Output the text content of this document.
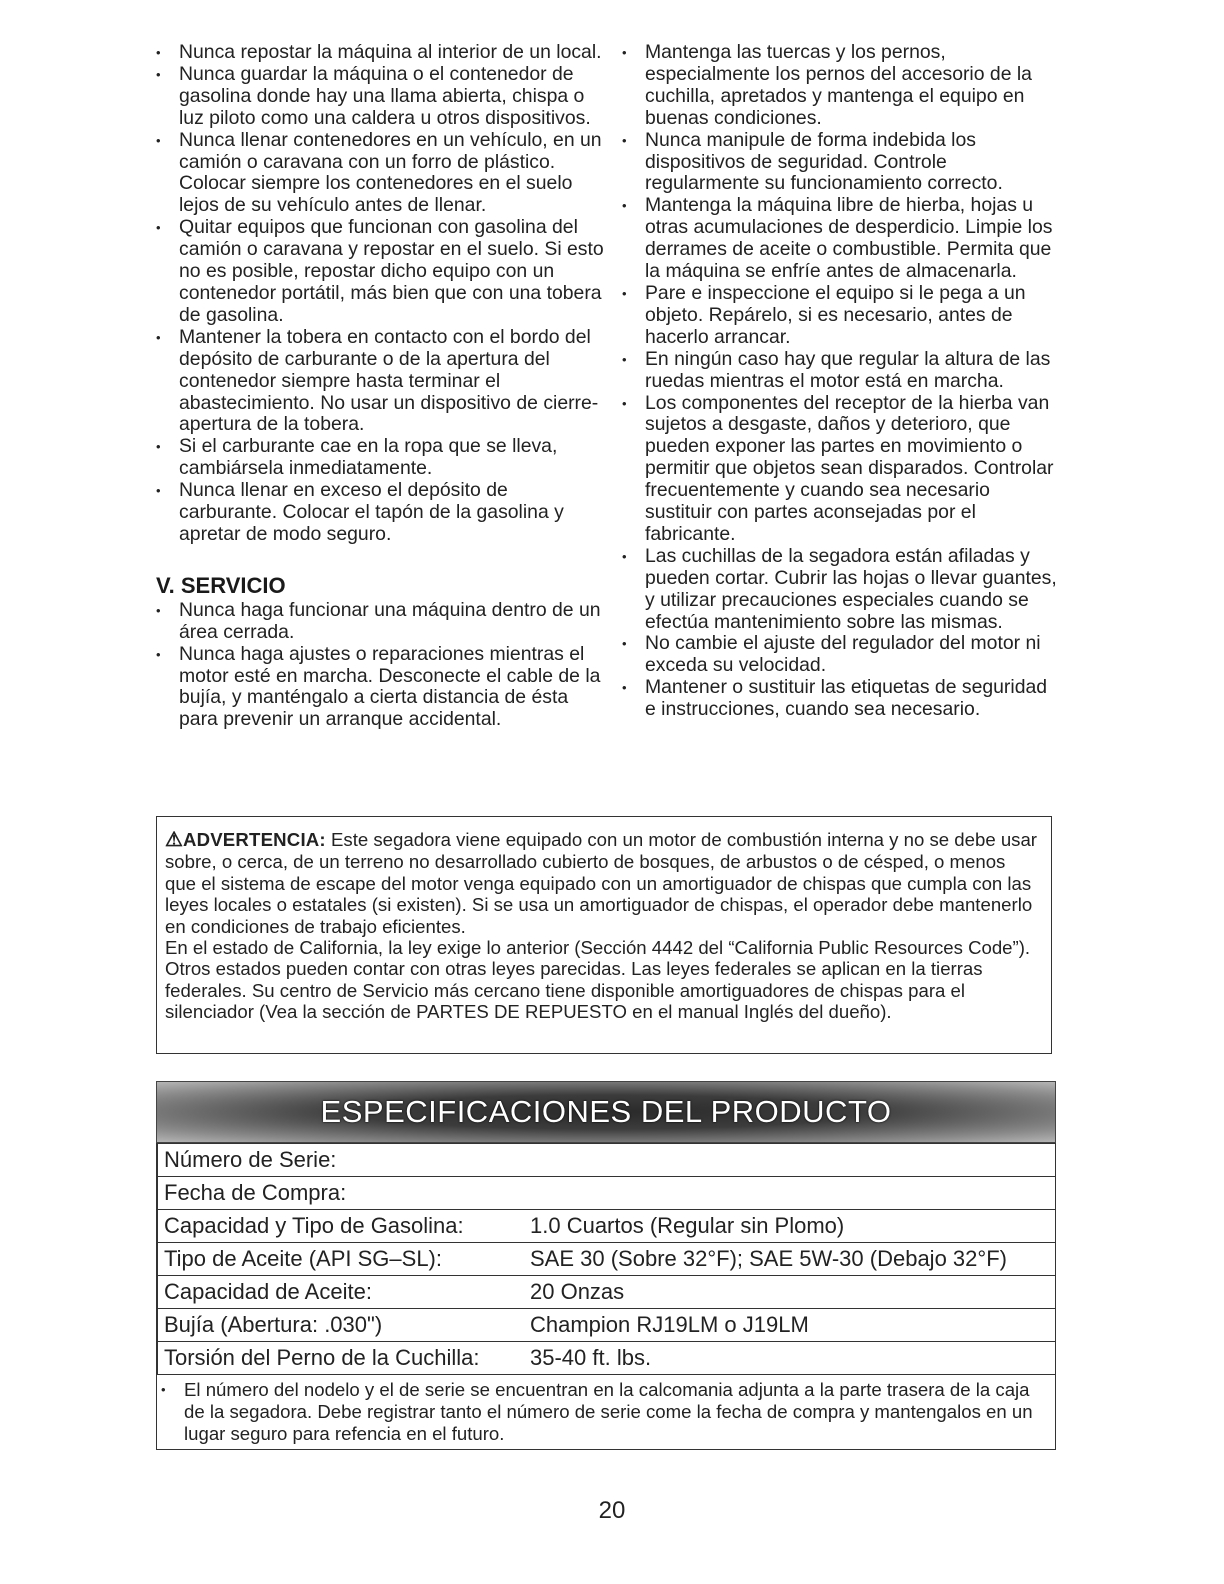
• Nunca repostar la máquina al interior de un local.
• Nunca guardar la máquina o el contenedor de gasolina donde hay una llama abierta, chispa o luz piloto como una caldera u otros dispositivos.
• Nunca llenar contenedores en un vehículo, en un camión o caravana con un forro de plástico. Colocar siempre los contenedores en el suelo lejos de su vehículo antes de llenar.
• Quitar equipos que funcionan con gasolina del camión o caravana y repostar en el suelo. Si esto no es posible, repostar dicho equipo con un contenedor portátil, más bien que con una tobera de gasolina.
• Mantener la tobera en contacto con el bordo del depósito de carburante o de la apertura del contenedor siempre hasta terminar el abastecimiento. No usar un dispositivo de cierre-apertura de la tobera.
• Si el carburante cae en la ropa que se lleva, cambiársela inmediatamente.
• Nunca llenar en exceso el depósito de carburante. Colocar el tapón de la gasolina y apretar de modo seguro.
V. SERVICIO
• Nunca haga funcionar una máquina dentro de un área cerrada.
• Nunca haga ajustes o reparaciones mientras el motor esté en marcha. Desconecte el cable de la bujía, y manténgalo a cierta distancia de ésta para prevenir un arranque accidental.
• Mantenga las tuercas y los pernos, especialmente los pernos del accesorio de la cuchilla, apretados y mantenga el equipo en buenas condiciones.
• Nunca manipule de forma indebida los dispositivos de seguridad. Controle regularmente su funcionamiento correcto.
• Mantenga la máquina libre de hierba, hojas u otras acumulaciones de desperdicio. Limpie los derrames de aceite o combustible. Permita que la máquina se enfríe antes de almacenarla.
• Pare e inspeccione el equipo si le pega a un objeto. Repárelo, si es necesario, antes de hacerlo arrancar.
• En ningún caso hay que regular la altura de las ruedas mientras el motor está en marcha.
• Los componentes del receptor de la hierba van sujetos a desgaste, daños y deterioro, que pueden exponer las partes en movimiento o permitir que objetos sean disparados. Controlar frecuentemente y cuando sea necesario sustituir con partes aconsejadas por el fabricante.
• Las cuchillas de la segadora están afiladas y pueden cortar. Cubrir las hojas o llevar guantes, y utilizar precauciones especiales cuando se efectúa mantenimiento sobre las mismas.
• No cambie el ajuste del regulador del motor ni exceda su velocidad.
• Mantener o sustituir las etiquetas de seguridad e instrucciones, cuando sea necesario.
⚠ADVERTENCIA: Este segadora viene equipado con un motor de combustión interna y no se debe usar sobre, o cerca, de un terreno no desarrollado cubierto de bosques, de arbustos o de césped, o menos que el sistema de escape del motor venga equipado con un amortiguador de chispas que cumpla con las leyes locales o estatales (si existen). Si se usa un amortiguador de chispas, el operador debe mantenerlo en condiciones de trabajo eficientes.
En el estado de California, la ley exige lo anterior (Sección 4442 del “California Public Resources Code”). Otros estados pueden contar con otras leyes parecidas. Las leyes federales se aplican en la tierras federales. Su centro de Servicio más cercano tiene disponible amortiguadores de chispas para el silenciador (Vea la sección de PARTES DE REPUESTO en el manual Inglés del dueño).
ESPECIFICACIONES DEL PRODUCTO
Número de Serie:	
Fecha de Compra:	
Capacidad y Tipo de Gasolina:	1.0 Cuartos (Regular sin Plomo)
Tipo de Aceite (API SG–SL):	SAE 30 (Sobre 32°F); SAE 5W-30 (Debajo 32°F)
Capacidad de Aceite:	20 Onzas
Bujía (Abertura: .030")	Champion RJ19LM o J19LM
Torsión del Perno de la Cuchilla:	35-40 ft. lbs.
• El número del nodelo y el de serie se encuentran en la calcomania adjunta a la parte trasera de la caja de la segadora. Debe registrar tanto el número de serie come la fecha de compra y mantengalos en un lugar seguro para refencia en el futuro.
20
